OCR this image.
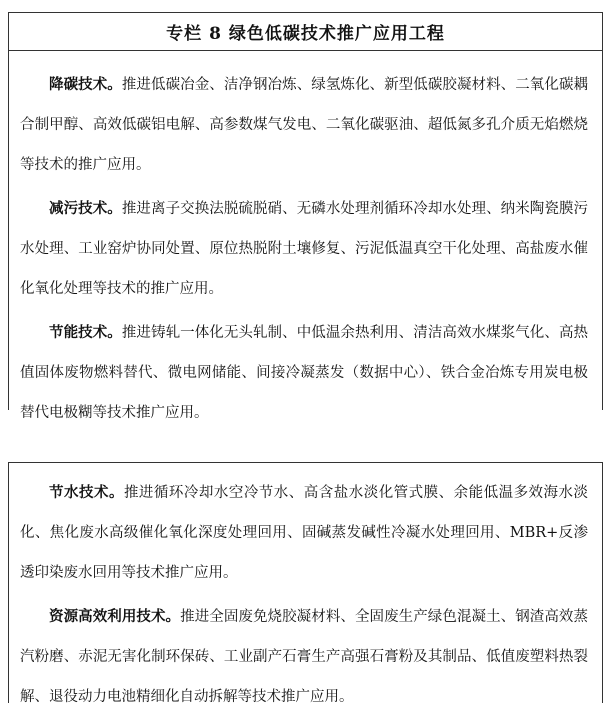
专栏 8 绿色低碳技术推广应用工程

降碳技术。推进低碳冶金、洁净钢冶炼、绿氢炼化、新型低碳胶凝材料、二氧化碳耦合制甲醇、高效低碳铝电解、高参数煤气发电、二氧化碳驱油、超低氮多孔介质无焰燃烧等技术的推广应用。

减污技术。推进离子交换法脱硫脱硝、无磷水处理剂循环冷却水处理、纳米陶瓷膜污水处理、工业窑炉协同处置、原位热脱附土壤修复、污泥低温真空干化处理、高盐废水催化氧化处理等技术的推广应用。

节能技术。推进铸轧一体化无头轧制、中低温余热利用、清洁高效水煤浆气化、高热值固体废物燃料替代、微电网储能、间接冷凝蒸发（数据中心）、铁合金冶炼专用炭电极替代电极糊等技术推广应用。

节水技术。推进循环冷却水空冷节水、高含盐水淡化管式膜、余能低温多效海水淡化、焦化废水高级催化氧化深度处理回用、固碱蒸发碱性冷凝水处理回用、MBR+反渗透印染废水回用等技术推广应用。

资源高效利用技术。推进全固废免烧胶凝材料、全固废生产绿色混凝土、钢渣高效蒸汽粉磨、赤泥无害化制环保砖、工业副产石膏生产高强石膏粉及其制品、低值废塑料热裂解、退役动力电池精细化自动拆解等技术推广应用。
